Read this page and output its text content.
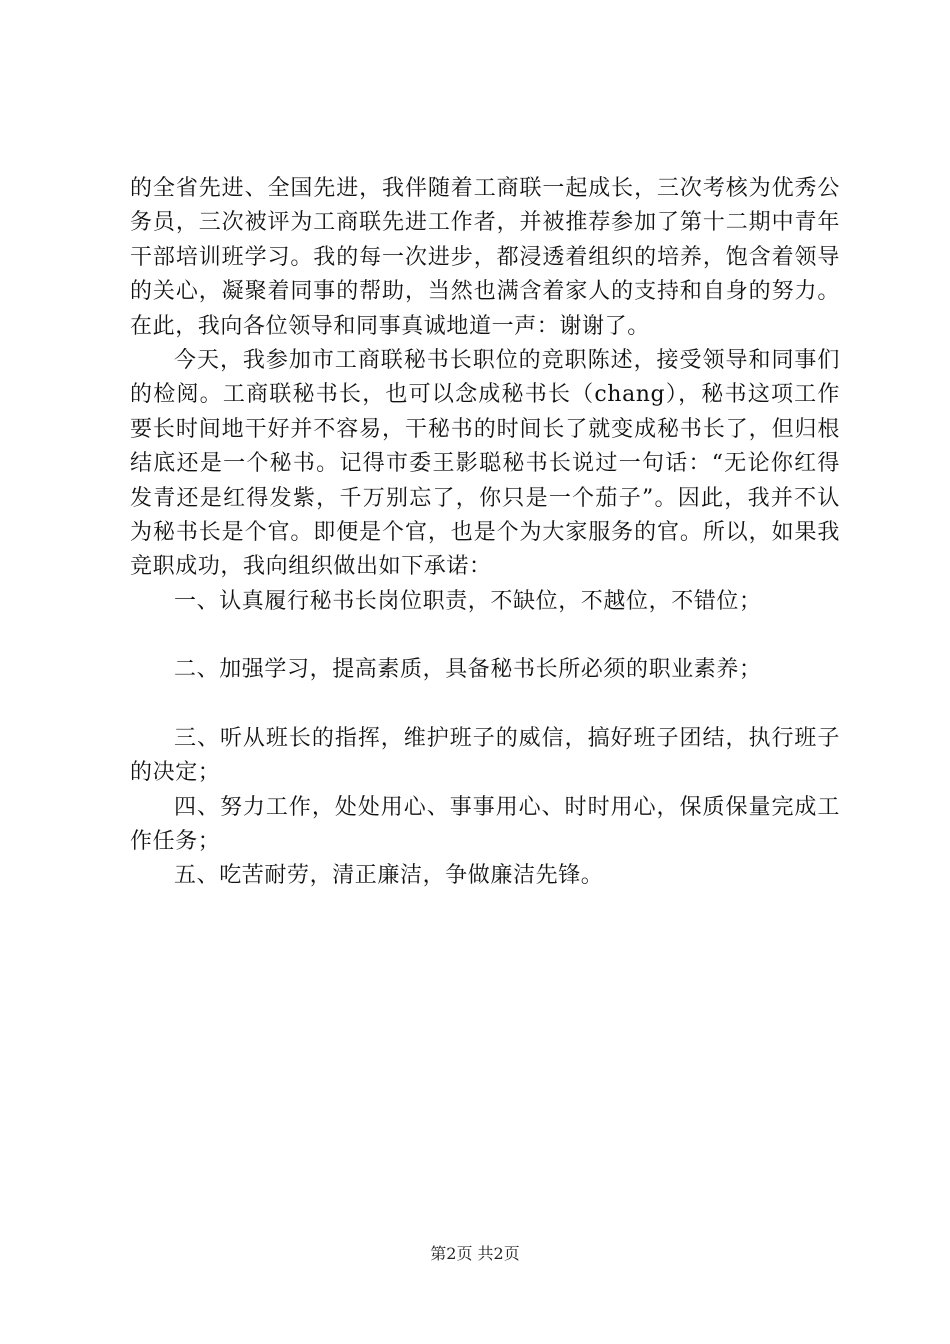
的全省先进、全国先进，我伴随着工商联一起成长，三次考核为优秀公务员，三次被评为工商联先进工作者，并被推荐参加了第十二期中青年干部培训班学习。我的每一次进步，都浸透着组织的培养，饱含着领导的关心，凝聚着同事的帮助，当然也满含着家人的支持和自身的努力。在此，我向各位领导和同事真诚地道一声：谢谢了。

今天，我参加市工商联秘书长职位的竞职陈述，接受领导和同事们的检阅。工商联秘书长，也可以念成秘书长（chang），秘书这项工作要长时间地干好并不容易，干秘书的时间长了就变成秘书长了，但归根结底还是一个秘书。记得市委王影聪秘书长说过一句话：“无论你红得发青还是红得发紫，千万别忘了，你只是一个茄子”。因此，我并不认为秘书长是个官。即便是个官，也是个为大家服务的官。所以，如果我竞职成功，我向组织做出如下承诺：

一、认真履行秘书长岗位职责，不缺位，不越位，不错位；

二、加强学习，提高素质，具备秘书长所必须的职业素养；

三、听从班长的指挥，维护班子的威信，搞好班子团结，执行班子的决定；

四、努力工作，处处用心、事事用心、时时用心，保质保量完成工作任务；

五、吃苦耐劳，清正廉洁，争做廉洁先锋。

第2页 共2页
